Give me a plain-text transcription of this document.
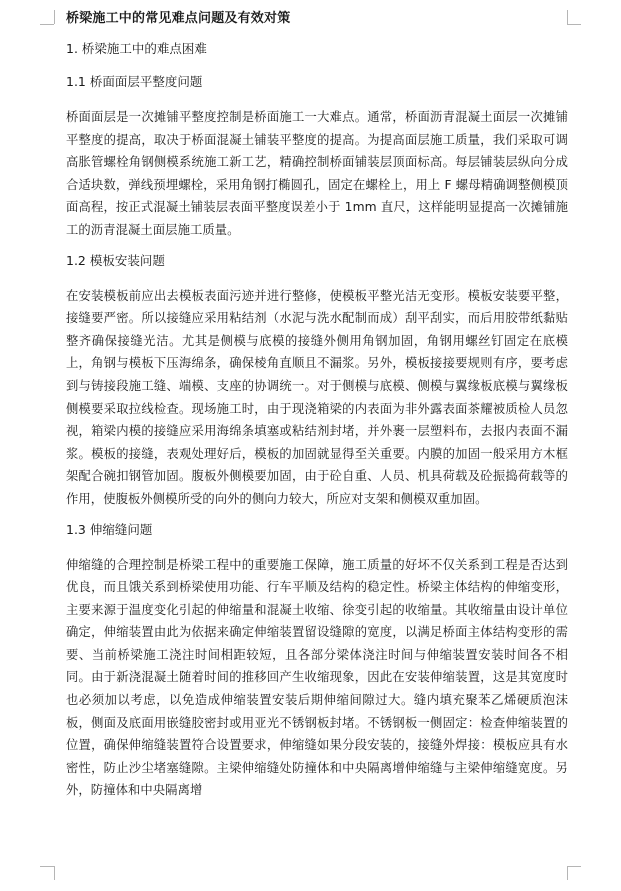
桥梁施工中的常见难点问题及有效对策
1. 桥梁施工中的难点困难
1.1 桥面面层平整度问题

桥面面层是一次摊铺平整度控制是桥面施工一大难点。通常，桥面沥青混凝土面层一次摊铺平整度的提高，取决于桥面混凝土铺装平整度的提高。为提高面层施工质量，我们采取可调高胀管螺栓角钢侧模系统施工新工艺，精确控制桥面铺装层顶面标高。每层铺装层纵向分成合适块数，弹线预埋螺栓，采用角钢打椭圆孔，固定在螺栓上，用上 F 螺母精确调整侧模顶面高程，按正式混凝土铺装层表面平整度误差小于 1mm 直尺，这样能明显提高一次摊铺施工的沥青混凝土面层施工质量。

1.2 模板安装问题

在安装模板前应出去模板表面污迹并进行整修，使模板平整光洁无变形。模板安装要平整，接缝要严密。所以接缝应采用粘结剂（水泥与洗水配制而成）刮平刮实，而后用胶带纸黏贴整齐确保接缝光洁。尤其是侧模与底模的接缝外侧用角钢加固，角钢用螺丝钉固定在底模上，角钢与模板下压海绵条，确保棱角直顺且不漏浆。另外，模板接接要规则有序，要考虑到与铸接段施工缝、端模、支座的协调统一。对于侧模与底模、侧模与翼缘板底模与翼缘板侧模要采取拉线检查。现场施工时，由于现浇箱梁的内表面为非外露表面茶耀被质检人员忽视，箱梁内模的接缝应采用海绵条填塞或粘结剂封堵，并外裹一层塑料布，去报内表面不漏浆。模板的接缝，表观处理好后，模板的加固就显得至关重要。内膜的加固一般采用方木框架配合碗扣钢管加固。腹板外侧模要加固，由于砼自重、人员、机具荷载及砼振捣荷载等的作用，使腹板外侧模所受的向外的侧向力较大，所应对支架和侧模双重加固。

1.3 伸缩缝问题

伸缩缝的合理控制是桥梁工程中的重要施工保障，施工质量的好坏不仅关系到工程是否达到优良，而且饿关系到桥梁使用功能、行车平顺及结构的稳定性。桥梁主体结构的伸缩变形，主要来源于温度变化引起的伸缩量和混凝土收缩、徐变引起的收缩量。其收缩量由设计单位确定，伸缩装置由此为依据来确定伸缩装置留设缝隙的宽度，以满足桥面主体结构变形的需要、当前桥梁施工浇注时间相距较短，且各部分梁体浇注时间与伸缩装置安装时间各不相同。由于新浇混凝土随着时间的推移回产生收缩现象，因此在安装伸缩装置，这是其宽度时也必须加以考虑，以免造成伸缩装置安装后期伸缩间隙过大。缝内填充聚苯乙烯硬质泡沫板，侧面及底面用嵌缝胶密封或用亚光不锈钢板封堵。不锈钢板一侧固定：检查伸缩装置的位置，确保伸缩缝装置符合设置要求，伸缩缝如果分段安装的，接缝外焊接：模板应具有水密性，防止沙尘堵塞缝隙。主梁伸缩缝处防撞体和中央隔离增伸缩缝与主梁伸缩缝宽度。另外，防撞体和中央隔离增
